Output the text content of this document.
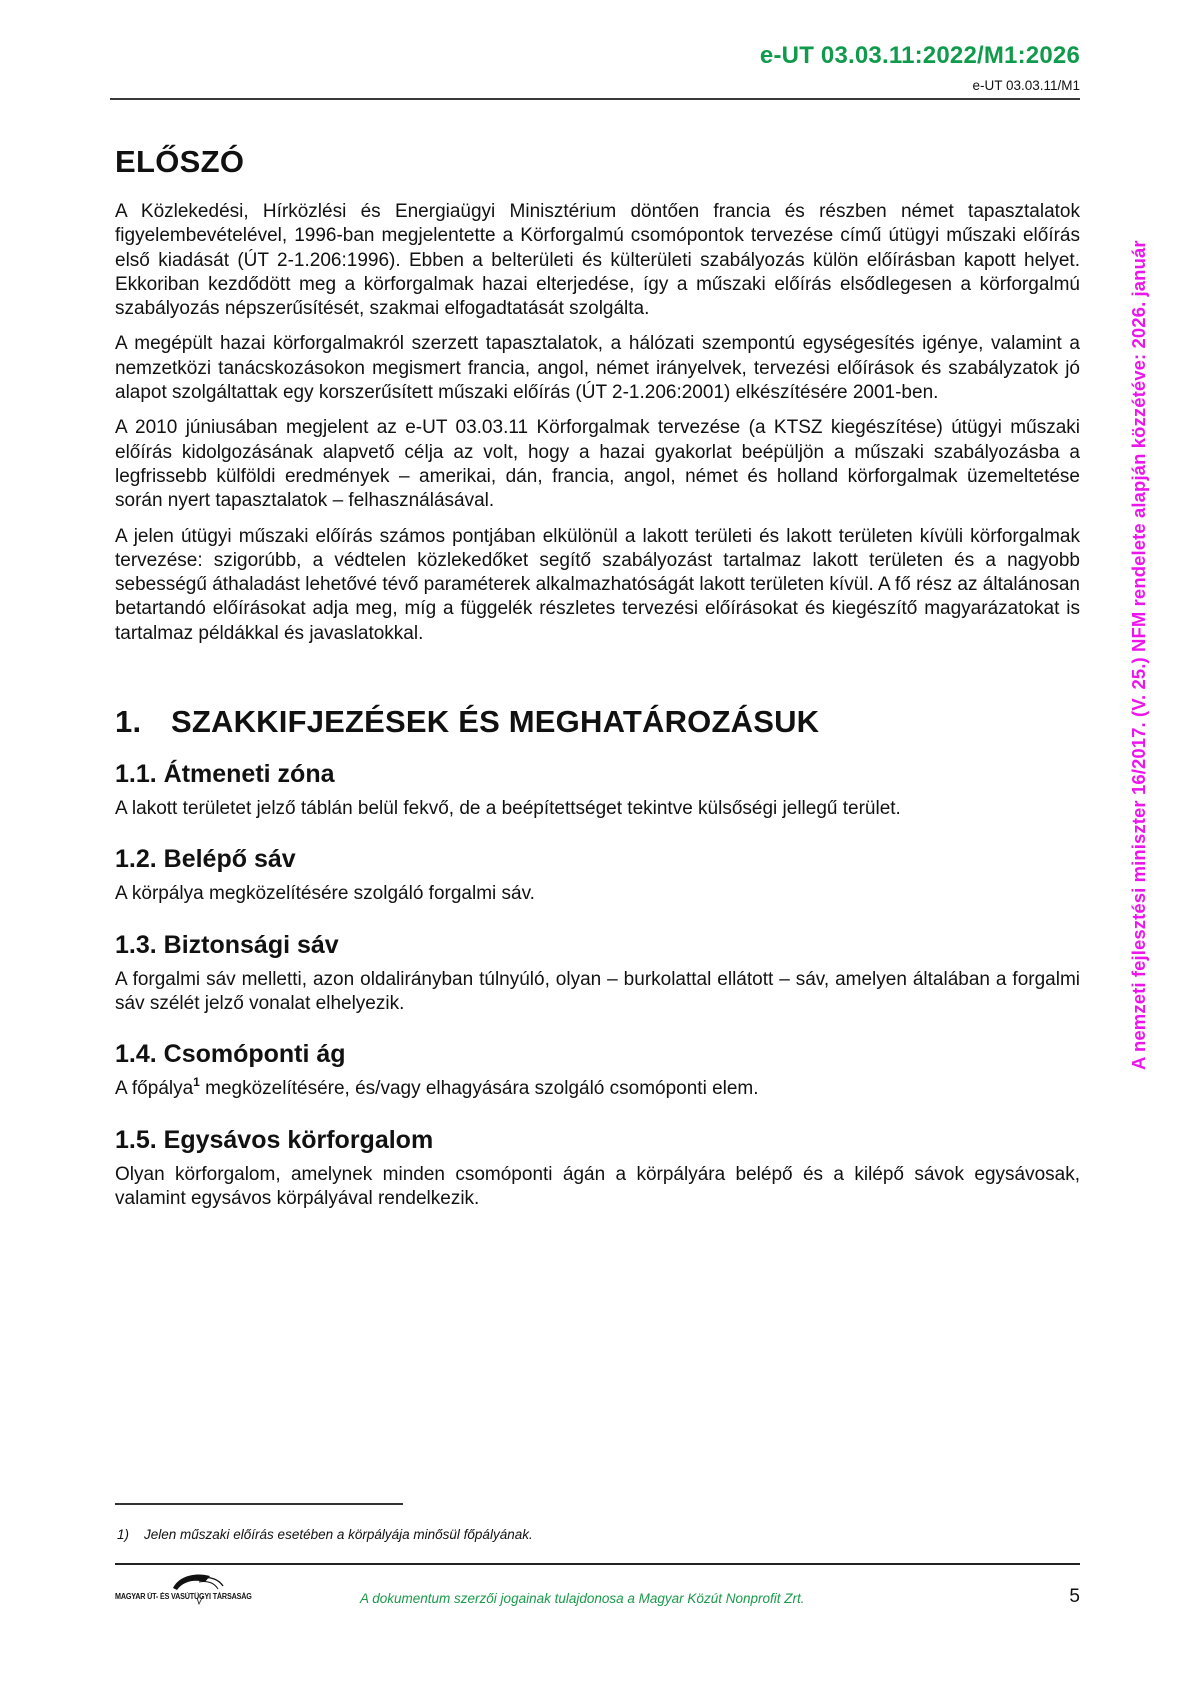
e-UT 03.03.11:2022/M1:2026
e-UT 03.03.11/M1
A nemzeti fejlesztési miniszter 16/2017. (V. 25.) NFM rendelete alapján közzétéve: 2026. január
ELŐSZÓ

A Közlekedési, Hírközlési és Energiaügyi Minisztérium döntően francia és részben német tapasztalatok figyelembevételével, 1996-ban megjelentette a Körforgalmú csomópontok tervezése című útügyi műszaki előírás első kiadását (ÚT 2-1.206:1996). Ebben a belterületi és külterületi szabályozás külön előírásban kapott helyet. Ekkoriban kezdődött meg a körforgalmak hazai elterjedése, így a műszaki előírás elsődlegesen a körforgalmú szabályozás népszerűsítését, szakmai elfogadtatását szolgálta.

A megépült hazai körforgalmakról szerzett tapasztalatok, a hálózati szempontú egységesítés igénye, valamint a nemzetközi tanácskozásokon megismert francia, angol, német irányelvek, tervezési előírások és szabályzatok jó alapot szolgáltattak egy korszerűsített műszaki előírás (ÚT 2-1.206:2001) elkészítésére 2001-ben.

A 2010 júniusában megjelent az e-UT 03.03.11 Körforgalmak tervezése (a KTSZ kiegészítése) útügyi műszaki előírás kidolgozásának alapvető célja az volt, hogy a hazai gyakorlat beépüljön a műszaki szabályozásba a legfrissebb külföldi eredmények – amerikai, dán, francia, angol, német és holland körforgalmak üzemeltetése során nyert tapasztalatok – felhasználásával.

A jelen útügyi műszaki előírás számos pontjában elkülönül a lakott területi és lakott területen kívüli körforgalmak tervezése: szigorúbb, a védtelen közlekedőket segítő szabályozást tartalmaz lakott területen és a nagyobb sebességű áthaladást lehetővé tévő paraméterek alkalmazhatóságát lakott területen kívül. A fő rész az általánosan betartandó előírásokat adja meg, míg a függelék részletes tervezési előírásokat és kiegészítő magyarázatokat is tartalmaz példákkal és javaslatokkal.

1. SZAKKIFJEZÉSEK ÉS MEGHATÁROZÁSUK
1.1. Átmeneti zóna

A lakott területet jelző táblán belül fekvő, de a beépítettséget tekintve külsőségi jellegű terület.

1.2. Belépő sáv

A körpálya megközelítésére szolgáló forgalmi sáv.

1.3. Biztonsági sáv

A forgalmi sáv melletti, azon oldalirányban túlnyúló, olyan – burkolattal ellátott – sáv, amelyen általában a forgalmi sáv szélét jelző vonalat elhelyezik.

1.4. Csomóponti ág

A főpálya$^1$ megközelítésére, és/vagy elhagyására szolgáló csomóponti elem.

1.5. Egysávos körforgalom

Olyan körforgalom, amelynek minden csomóponti ágán a körpályára belépő és a kilépő sávok egysávosak, valamint egysávos körpályával rendelkezik.

1) Jelen műszaki előírás esetében a körpályája minősül főpályának.
MAGYAR ÚT- ÉS VASÚTÜGYI TÁRSASÁG	A dokumentum szerzői jogainak tulajdonosa a Magyar Közút Nonprofit Zrt.	5
